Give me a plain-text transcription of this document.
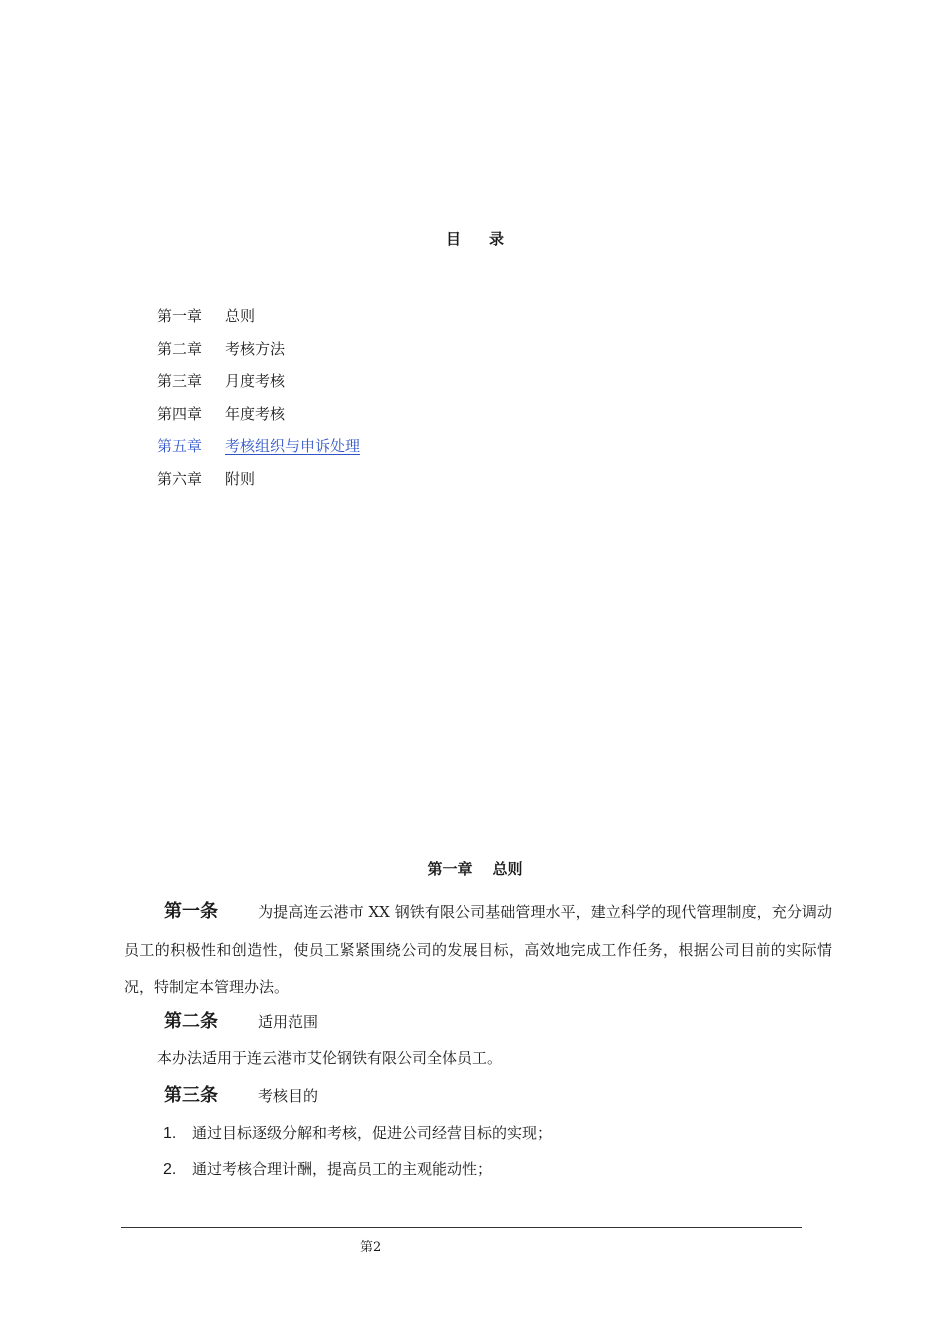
目 录
第一章 总则
第二章 考核方法
第三章 月度考核
第四章 年度考核
第五章 考核组织与申诉处理
第六章 附则
第一章 总则
第一条	为提高连云港市 XX 钢铁有限公司基础管理水平，建立科学的现代管理制度，充分调动员工的积极性和创造性，使员工紧紧围绕公司的发展目标，高效地完成工作任务，根据公司目前的实际情况，特制定本管理办法。
第二条	适用范围
本办法适用于连云港市艾伦钢铁有限公司全体员工。
第三条	考核目的
1. 通过目标逐级分解和考核，促进公司经营目标的实现；
2. 通过考核合理计酬，提高员工的主观能动性；
第2
